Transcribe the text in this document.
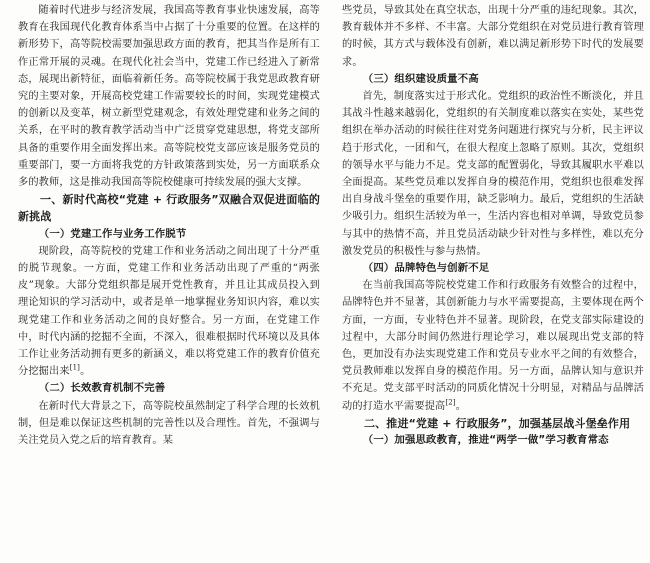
随着时代进步与经济发展，我国高等教育事业快速发展，高等教育在我国现代化教育体系当中占据了十分重要的位置。在这样的新形势下，高等院校需要加强思政方面的教育，把其当作是所有工作正常开展的灵魂。在现代化社会当中，党建工作已经进入了新常态，展现出新特征，面临着新任务。高等院校属于我党思政教育研究的主要对象，开展高校党建工作需要较长的时间，实现党建模式的创新以及变革，树立新型党建观念，有效处理党建和业务之间的关系，在平时的教育教学活动当中广泛贯穿党建思想，将党支部所具备的重要作用全面发挥出来。高等院校党支部应该是服务党员的重要部门，要一方面将我党的方针政策落到实处，另一方面联系众多的教师，这是推动我国高等院校健康可持续发展的强大支撑。

一、新时代高校“党建 + 行政服务”双融合双促进面临的新挑战
（一）党建工作与业务工作脱节

现阶段，高等院校的党建工作和业务活动之间出现了十分严重的脱节现象。一方面，党建工作和业务活动出现了严重的“两张皮”现象。大部分党组织都是展开党性教育，并且让其成员投入到理论知识的学习活动中，或者是单一地掌握业务知识内容，难以实现党建工作和业务活动之间的良好整合。另一方面，在党建工作中，时代内涵的挖掘不全面，不深入，很难根据时代环境以及具体工作让业务活动拥有更多的新涵义，难以将党建工作的教育价值充分挖掘出来[1]。

（二）长效教育机制不完善

在新时代大背景之下，高等院校虽然制定了科学合理的长效机制，但是难以保证这些机制的完善性以及合理性。首先，不强调与关注党员入党之后的培育教育。某

些党员，导致其处在真空状态，出现十分严重的违纪现象。其次，教育载体并不多样、不丰富。大部分党组织在对党员进行教育管理的时候，其方式与载体没有创新，难以满足新形势下时代的发展要求。

（三）组织建设质量不高

首先，制度落实过于形式化。党组织的政治性不断淡化，并且其战斗性越来越弱化，党组织的有关制度难以落实在实处，某些党组织在举办活动的时候往往对党务问题进行探究与分析，民主评议趋于形式化，一团和气，在很大程度上忽略了原则。其次，党组织的领导水平与能力不足。党支部的配置弱化，导致其履职水平难以全面提高。某些党员难以发挥自身的模范作用，党组织也很难发挥出自身战斗堡垒的重要作用，缺乏影响力。最后，党组织的生活缺少吸引力。组织生活较为单一，生活内容也相对单调，导致党员参与其中的热情不高，并且党员活动缺少针对性与多样性，难以充分激发党员的积极性与参与热情。

（四）品牌特色与创新不足

在当前我国高等院校党建工作和行政服务有效整合的过程中，品牌特色并不显著，其创新能力与水平需要提高，主要体现在两个方面，一方面，专业特色并不显著。现阶段，在党支部实际建设的过程中，大部分时间仍然进行理论学习，难以展现出党支部的特色，更加没有办法实现党建工作和党员专业水平之间的有效整合，党员教师难以发挥自身的模范作用。另一方面，品牌认知与意识并不充足。党支部平时活动的同质化情况十分明显，对精品与品牌活动的打造水平需要提高[2]。

二、推进“党建 + 行政服务”，加强基层战斗堡垒作用
（一）加强思政教育，推进“两学一做”学习教育常态
